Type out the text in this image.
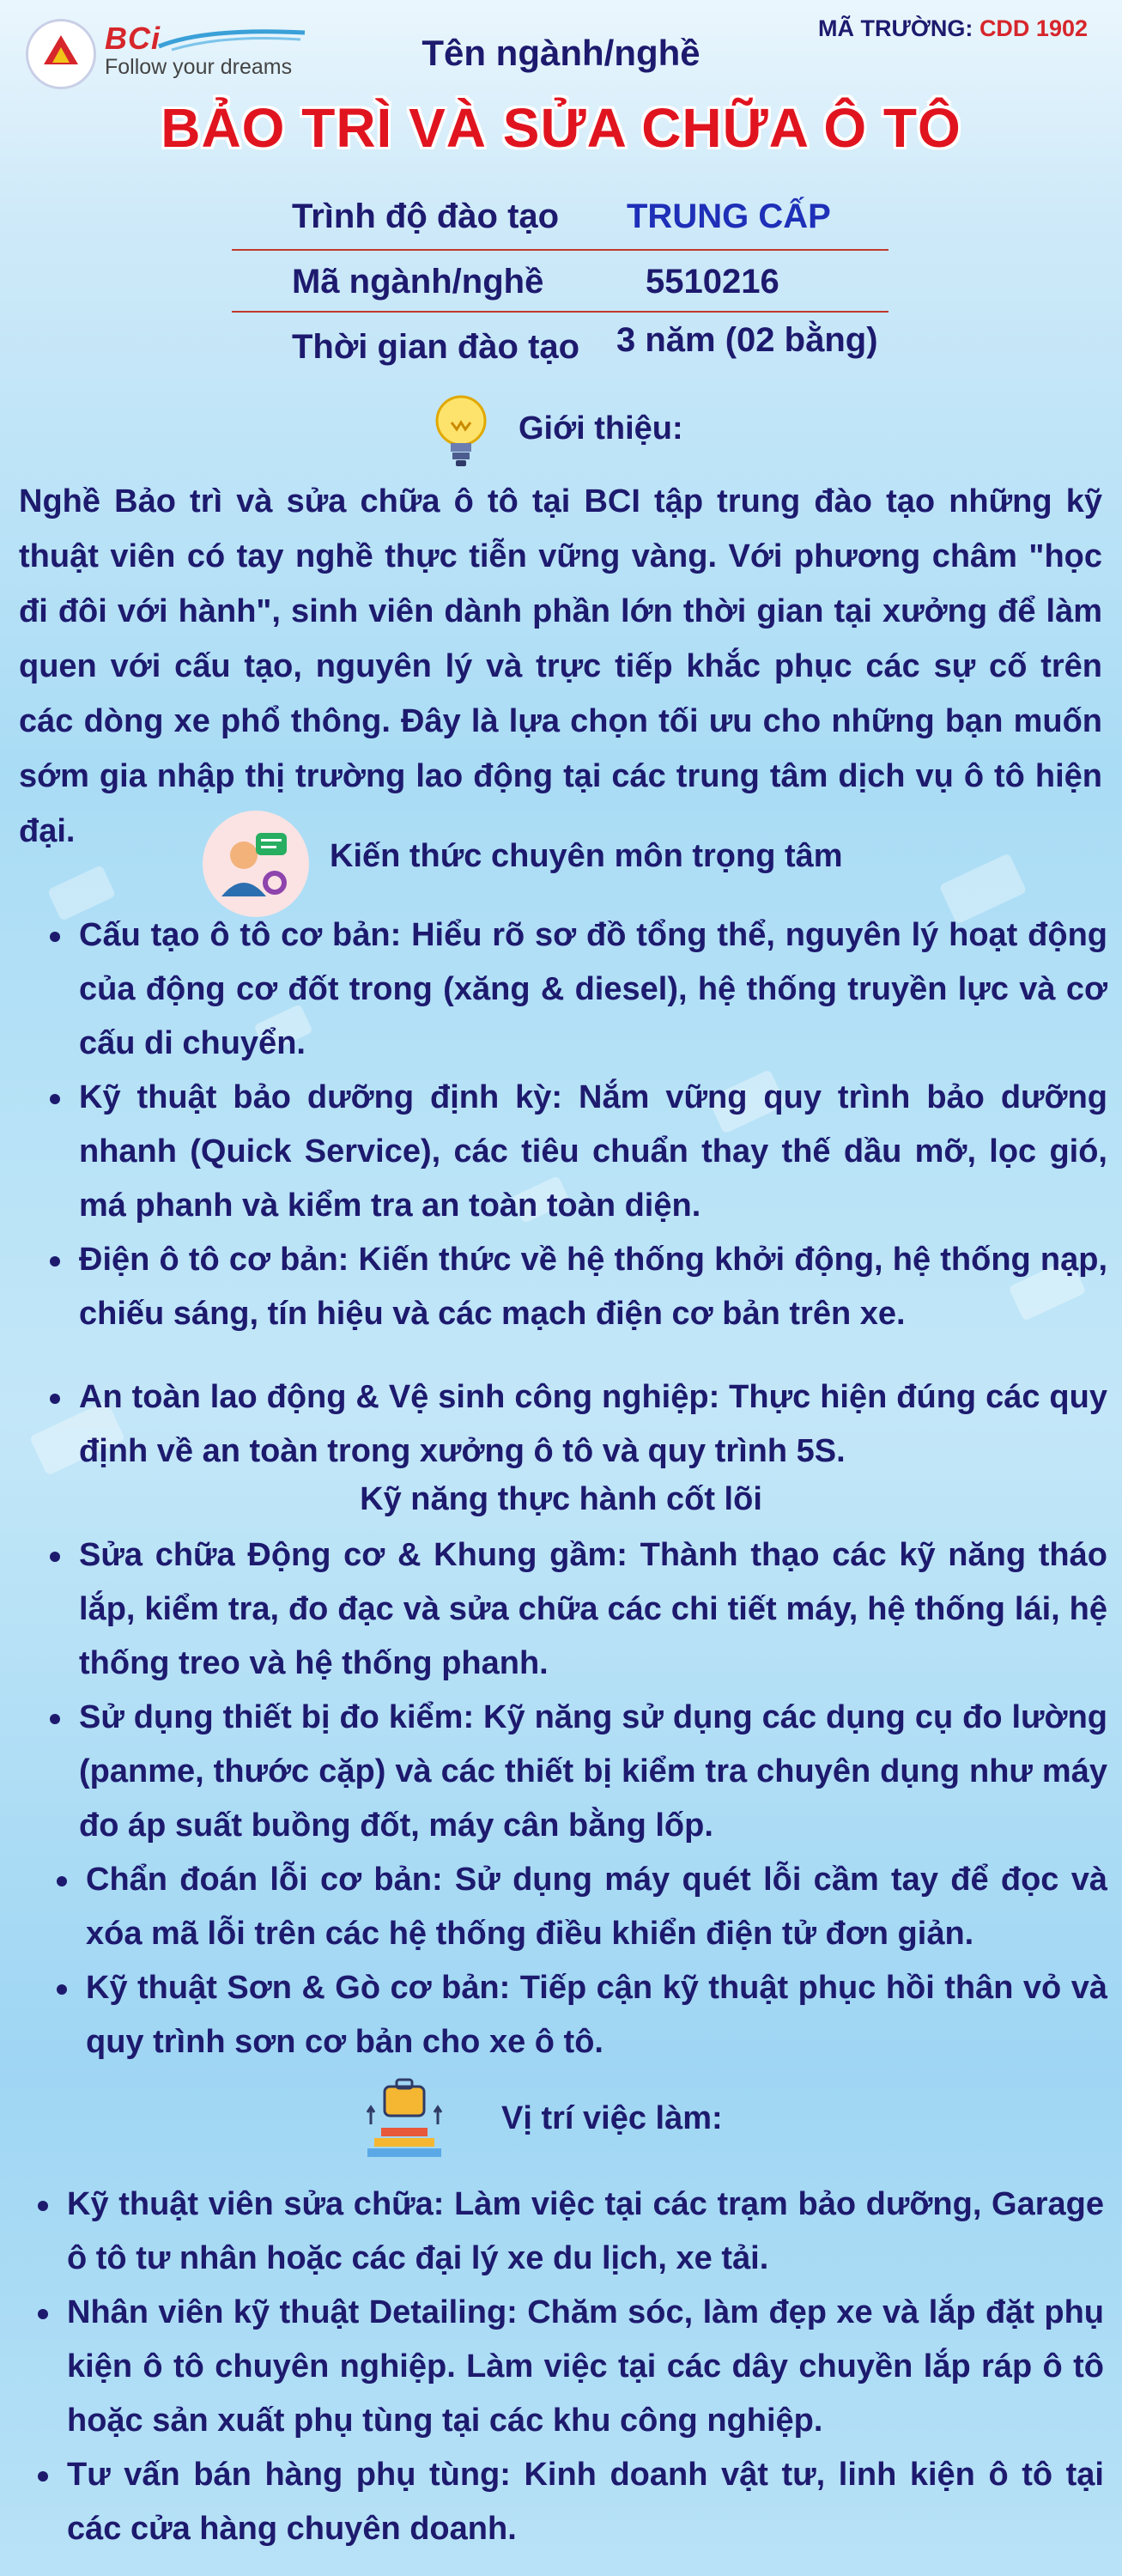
BCi
Follow your dreams
MÃ TRƯỜNG: CDD 1902
Tên ngành/nghề
BẢO TRÌ VÀ SỬA CHỮA Ô TÔ
Trình độ đào tạo TRUNG CẤP
Mã ngành/nghề	5510216
Thời gian đào tạo 3 năm (02 bằng)
Giới thiệu:
Nghề Bảo trì và sửa chữa ô tô tại BCI tập trung đào tạo những kỹ thuật viên có tay nghề thực tiễn vững vàng. Với phương châm "học đi đôi với hành", sinh viên dành phần lớn thời gian tại xưởng để làm quen với cấu tạo, nguyên lý và trực tiếp khắc phục các sự cố trên các dòng xe phổ thông. Đây là lựa chọn tối ưu cho những bạn muốn sớm gia nhập thị trường lao động tại các trung tâm dịch vụ ô tô hiện đại.
Kiến thức chuyên môn trọng tâm
Cấu tạo ô tô cơ bản: Hiểu rõ sơ đồ tổng thể, nguyên lý hoạt động của động cơ đốt trong (xăng & diesel), hệ thống truyền lực và cơ cấu di chuyển.
Kỹ thuật bảo dưỡng định kỳ: Nắm vững quy trình bảo dưỡng nhanh (Quick Service), các tiêu chuẩn thay thế dầu mỡ, lọc gió, má phanh và kiểm tra an toàn toàn diện.
Điện ô tô cơ bản: Kiến thức về hệ thống khởi động, hệ thống nạp, chiếu sáng, tín hiệu và các mạch điện cơ bản trên xe.
An toàn lao động & Vệ sinh công nghiệp: Thực hiện đúng các quy định về an toàn trong xưởng ô tô và quy trình 5S.
Kỹ năng thực hành cốt lõi
Sửa chữa Động cơ & Khung gầm: Thành thạo các kỹ năng tháo lắp, kiểm tra, đo đạc và sửa chữa các chi tiết máy, hệ thống lái, hệ thống treo và hệ thống phanh.
Sử dụng thiết bị đo kiểm: Kỹ năng sử dụng các dụng cụ đo lường (panme, thước cặp) và các thiết bị kiểm tra chuyên dụng như máy đo áp suất buồng đốt, máy cân bằng lốp.
Chẩn đoán lỗi cơ bản: Sử dụng máy quét lỗi cầm tay để đọc và xóa mã lỗi trên các hệ thống điều khiển điện tử đơn giản.
Kỹ thuật Sơn & Gò cơ bản: Tiếp cận kỹ thuật phục hồi thân vỏ và quy trình sơn cơ bản cho xe ô tô.
Vị trí việc làm:
Kỹ thuật viên sửa chữa: Làm việc tại các trạm bảo dưỡng, Garage ô tô tư nhân hoặc các đại lý xe du lịch, xe tải.
Nhân viên kỹ thuật Detailing: Chăm sóc, làm đẹp xe và lắp đặt phụ kiện ô tô chuyên nghiệp. Làm việc tại các dây chuyền lắp ráp ô tô hoặc sản xuất phụ tùng tại các khu công nghiệp.
Tư vấn bán hàng phụ tùng: Kinh doanh vật tư, linh kiện ô tô tại các cửa hàng chuyên doanh.
